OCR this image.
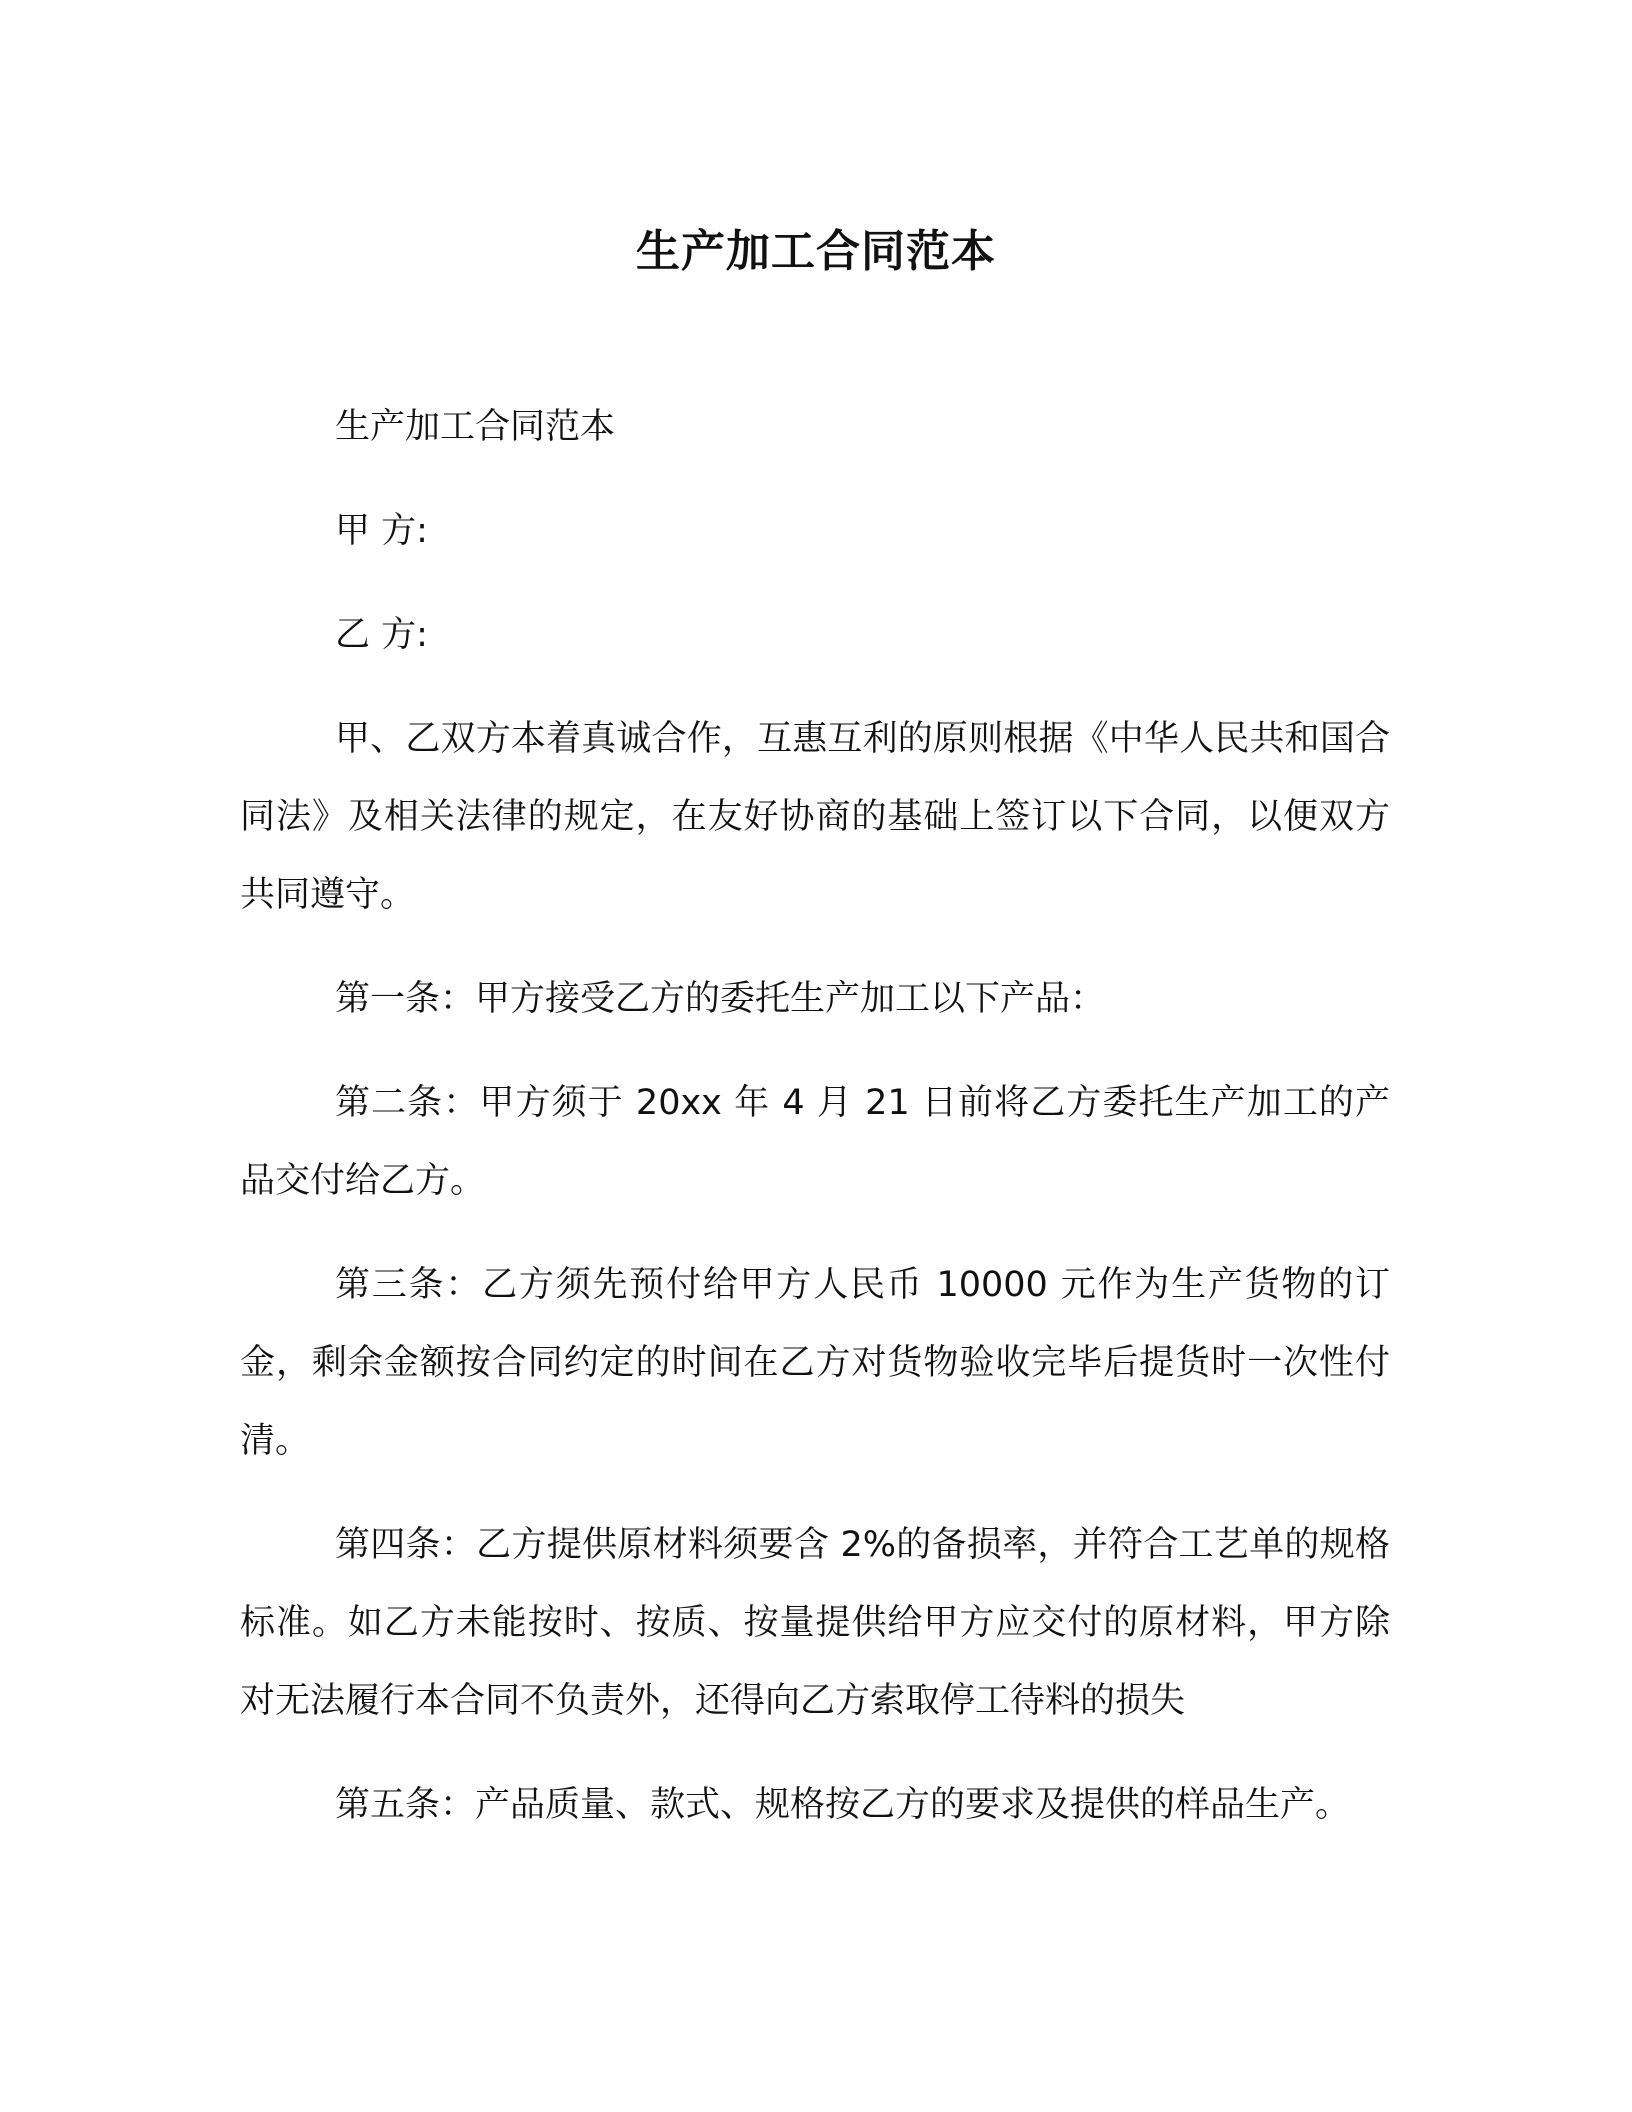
生产加工合同范本

生产加工合同范本

甲 方:

乙 方:

甲、乙双方本着真诚合作，互惠互利的原则根据《中华人民共和国合同法》及相关法律的规定，在友好协商的基础上签订以下合同，以便双方共同遵守。

第一条：甲方接受乙方的委托生产加工以下产品：

第二条：甲方须于 20xx 年 4 月 21 日前将乙方委托生产加工的产品交付给乙方。

第三条：乙方须先预付给甲方人民币 10000 元作为生产货物的订金，剩余金额按合同约定的时间在乙方对货物验收完毕后提货时一次性付清。

第四条：乙方提供原材料须要含 2%的备损率，并符合工艺单的规格标准。如乙方未能按时、按质、按量提供给甲方应交付的原材料，甲方除对无法履行本合同不负责外，还得向乙方索取停工待料的损失

第五条：产品质量、款式、规格按乙方的要求及提供的样品生产。
